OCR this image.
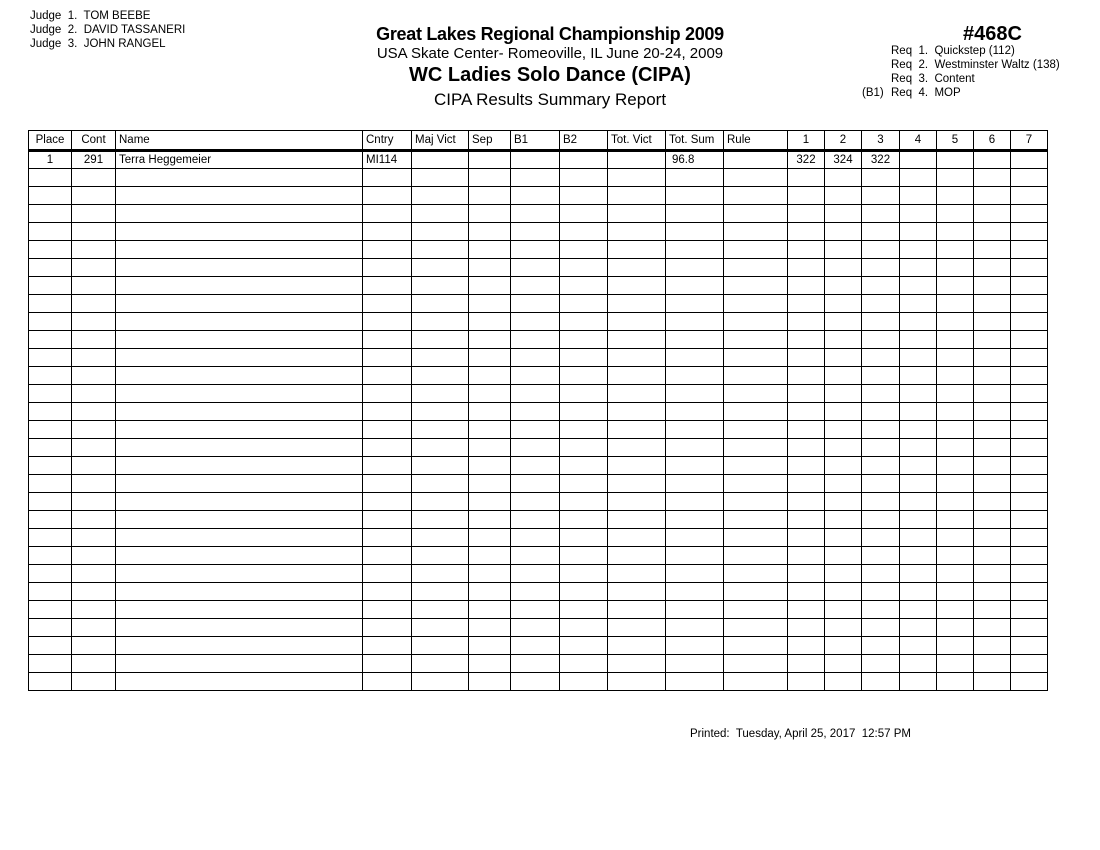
Judge  1. TOM BEEBE
Judge  2. DAVID TASSANERI
Judge  3. JOHN RANGEL	Great Lakes Regional Championship 2009
USA Skate Center- Romeoville, IL June 20-24, 2009
WC Ladies Solo Dance (CIPA)
CIPA Results Summary Report
#468C
Req  1. Quickstep (112)
Req  2. Westminster Waltz (138)
Req  3. Content
(B1) Req  4. MOP
Place	Cont	Name	Cntry	Maj Vict	Sep	B1	B2	Tot. Vict	Tot. Sum	Rule	1	2	3	4	5	6	7
1	291	Terra Heggemeier	MI114						96.8		322	324	322				

Printed:  Tuesday, April 25, 2017  12:57 PM
